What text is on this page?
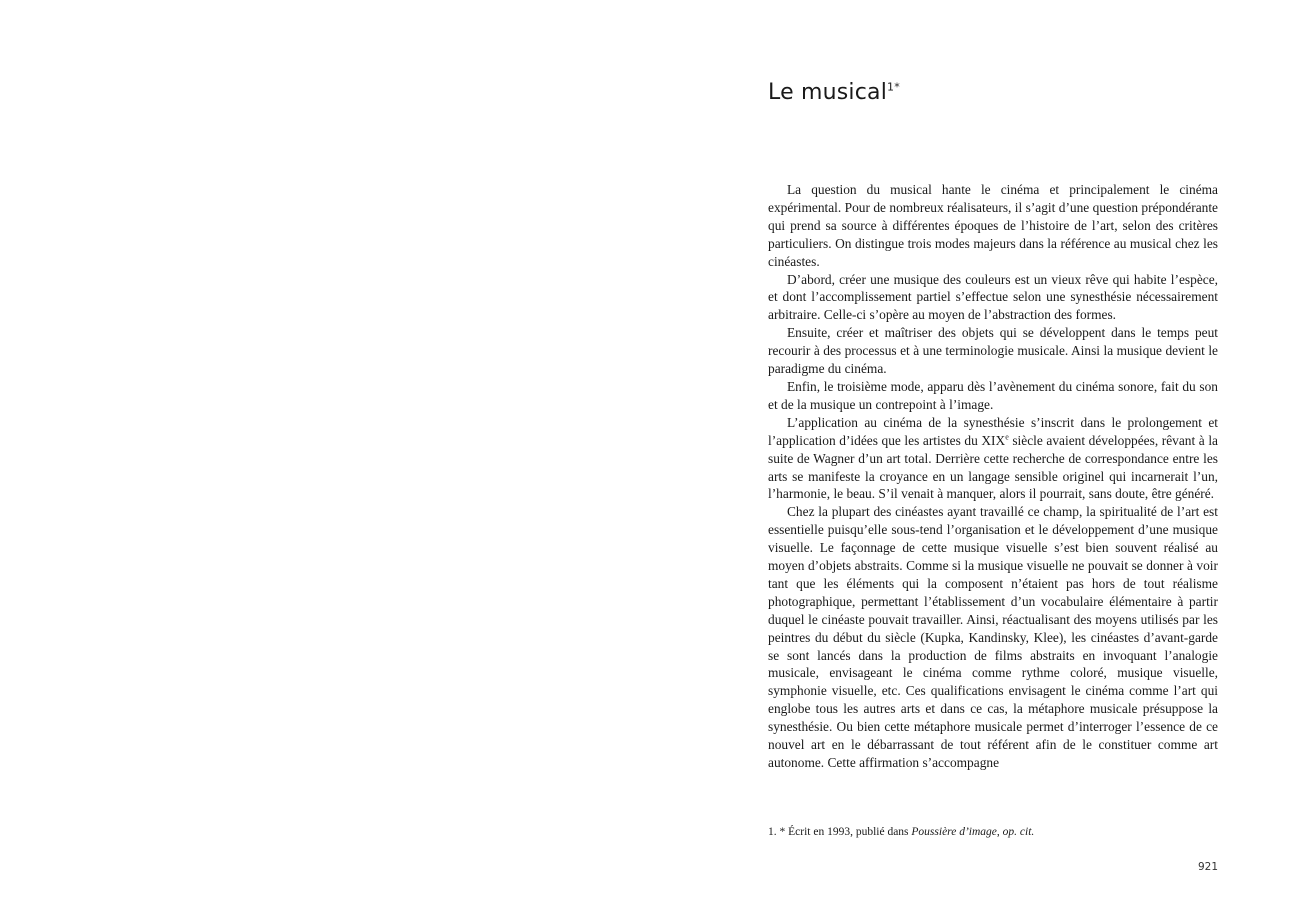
Le musical$^{1*}$

La question du musical hante le cinéma et principalement le cinéma expérimental. Pour de nombreux réalisateurs, il s’agit d’une question prépondérante qui prend sa source à différentes époques de l’histoire de l’art, selon des critères particuliers. On distingue trois modes majeurs dans la référence au musical chez les cinéastes.

D’abord, créer une musique des couleurs est un vieux rêve qui habite l’espèce, et dont l’accomplissement partiel s’effectue selon une synesthésie nécessairement arbitraire. Celle-ci s’opère au moyen de l’abstraction des formes.

Ensuite, créer et maîtriser des objets qui se développent dans le temps peut recourir à des processus et à une terminologie musicale. Ainsi la musique devient le paradigme du cinéma.

Enfin, le troisième mode, apparu dès l’avènement du cinéma sonore, fait du son et de la musique un contrepoint à l’image.

L’application au cinéma de la synesthésie s’inscrit dans le prolongement et l’application d’idées que les artistes du XIXe siècle avaient développées, rêvant à la suite de Wagner d’un art total. Derrière cette recherche de correspondance entre les arts se manifeste la croyance en un langage sensible originel qui incarnerait l’un, l’harmonie, le beau. S’il venait à manquer, alors il pourrait, sans doute, être généré.

Chez la plupart des cinéastes ayant travaillé ce champ, la spiritualité de l’art est essentielle puisqu’elle sous-tend l’organisation et le développement d’une musique visuelle. Le façonnage de cette musique visuelle s’est bien souvent réalisé au moyen d’objets abstraits. Comme si la musique visuelle ne pouvait se donner à voir tant que les éléments qui la composent n’étaient pas hors de tout réalisme photographique, permettant l’établissement d’un vocabulaire élémentaire à partir duquel le cinéaste pouvait travailler. Ainsi, réactualisant des moyens utilisés par les peintres du début du siècle (Kupka, Kandinsky, Klee), les cinéastes d’avant-garde se sont lancés dans la production de films abstraits en invoquant l’analogie musicale, envisageant le cinéma comme rythme coloré, musique visuelle, symphonie visuelle, etc. Ces qualifications envisagent le cinéma comme l’art qui englobe tous les autres arts et dans ce cas, la métaphore musicale présuppose la synesthésie. Ou bien cette métaphore musicale permet d’interroger l’essence de ce nouvel art en le débarrassant de tout référent afin de le constituer comme art autonome. Cette affirmation s’accompagne

1. * Écrit en 1993, publié dans Poussière d’image, op. cit.
921
